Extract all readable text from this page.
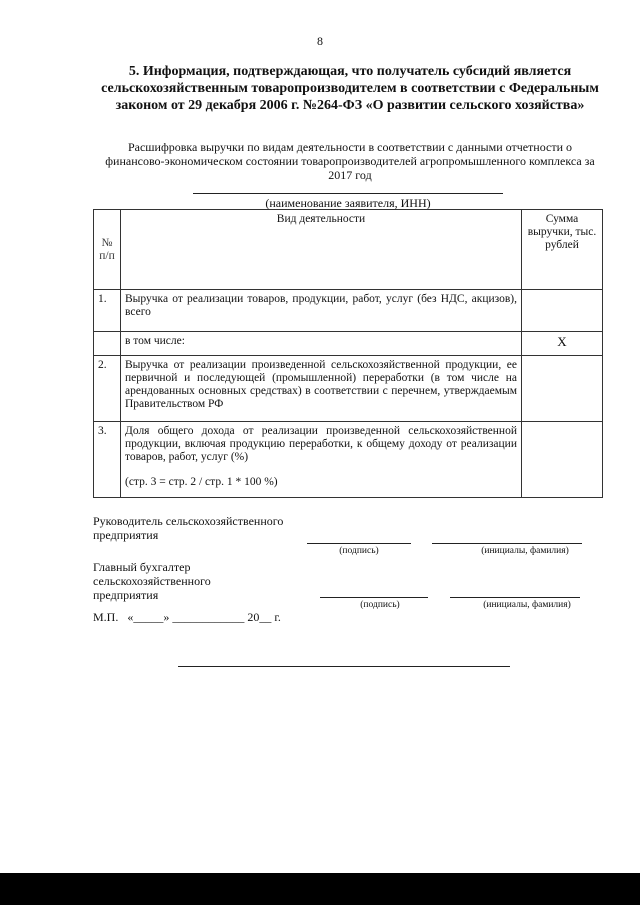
8
5. Информация, подтверждающая, что получатель субсидий является сельскохозяйственным товаропроизводителем в соответствии с Федеральным законом от 29 декабря 2006 г. №264-ФЗ «О развитии сельского хозяйства»
Расшифровка выручки по видам деятельности в соответствии с данными отчетности о финансово-экономическом состоянии товаропроизводителей агропромышленного комплекса за 2017 год
(наименование заявителя, ИНН)
№ п/п	Вид деятельности	Сумма выручки, тыс. рублей
1.	Выручка от реализации товаров, продукции, работ, услуг (без НДС, акцизов), всего	
	в том числе:	X
2.	Выручка от реализации произведенной сельскохозяйственной продукции, ее первичной и последующей (промышленной) переработки (в том числе на арендованных основных средствах) в соответствии с перечнем, утверждаемым Правительством РФ	
3.	Доля общего дохода от реализации произведенной сельскохозяйственной продукции, включая продукцию переработки, к общему доходу от реализации товаров, работ, услуг (%)
(стр. 3 = стр. 2 / стр. 1 * 100 %)	

Руководитель сельскохозяйственного
предприятия
(подпись)	(инициалы, фамилия)
Главный бухгалтер
сельскохозяйственного
предприятия
(подпись)	(инициалы, фамилия)
М.П.   «_____» ____________ 20__ г.
